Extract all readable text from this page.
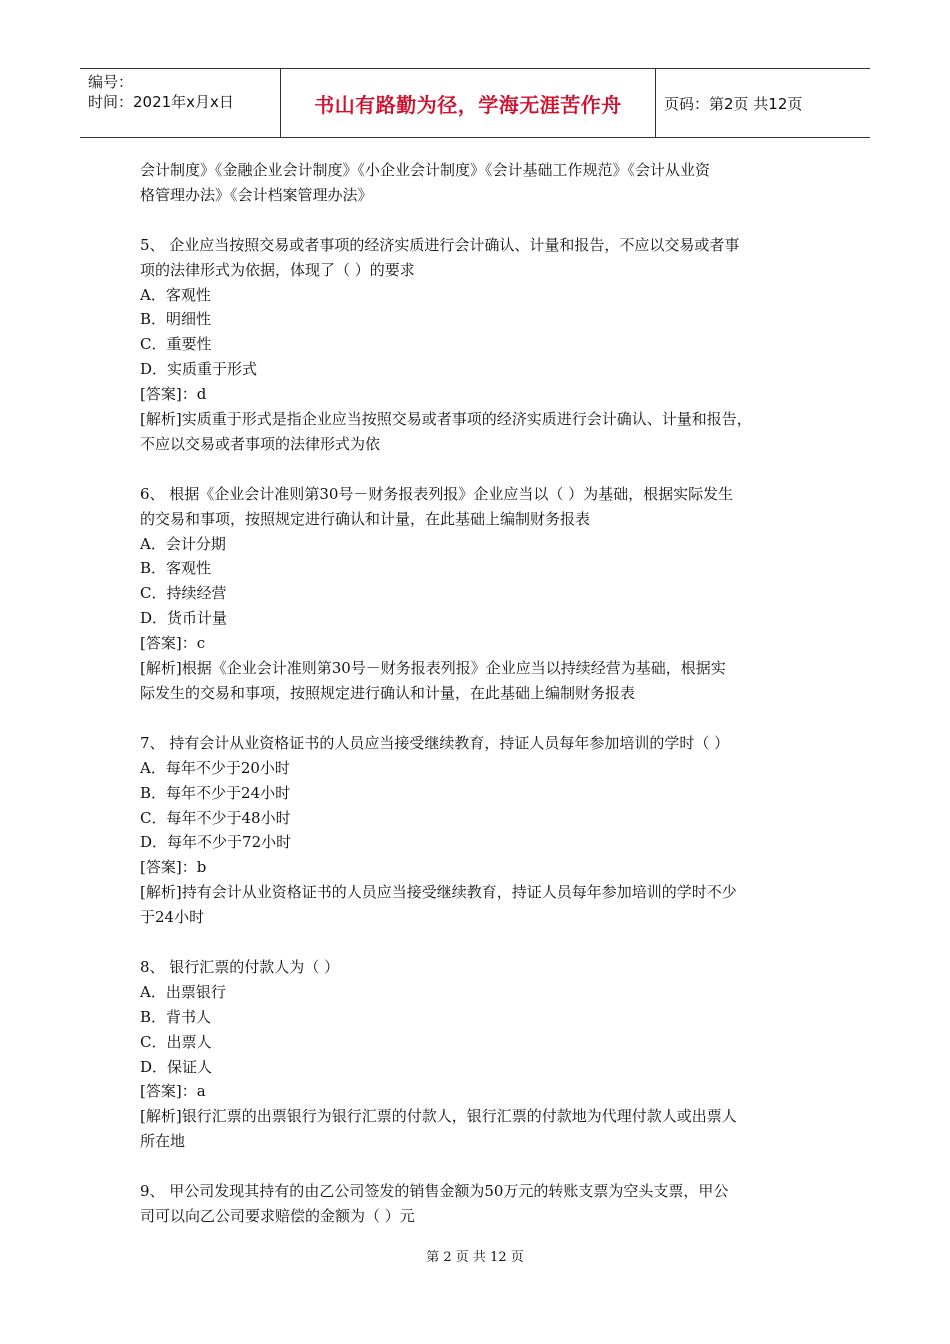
编号：
时间：2021年x月x日	书山有路勤为径，学海无涯苦作舟	页码：第2页 共12页

会计制度》《金融企业会计制度》《小企业会计制度》《会计基础工作规范》《会计从业资

格管理办法》《会计档案管理办法》

5、 企业应当按照交易或者事项的经济实质进行会计确认、计量和报告，不应以交易或者事

项的法律形式为依据，体现了（ ）的要求

A．客观性

B．明细性

C．重要性

D．实质重于形式

[答案]：d

[解析]实质重于形式是指企业应当按照交易或者事项的经济实质进行会计确认、计量和报告，

不应以交易或者事项的法律形式为依

6、 根据《企业会计准则第30号－财务报表列报》企业应当以（ ）为基础，根据实际发生

的交易和事项，按照规定进行确认和计量，在此基础上编制财务报表

A．会计分期

B．客观性

C．持续经营

D．货币计量

[答案]：c

[解析]根据《企业会计准则第30号－财务报表列报》企业应当以持续经营为基础，根据实

际发生的交易和事项，按照规定进行确认和计量，在此基础上编制财务报表

7、 持有会计从业资格证书的人员应当接受继续教育，持证人员每年参加培训的学时（ ）

A．每年不少于20小时

B．每年不少于24小时

C．每年不少于48小时

D．每年不少于72小时

[答案]：b

[解析]持有会计从业资格证书的人员应当接受继续教育，持证人员每年参加培训的学时不少

于24小时

8、 银行汇票的付款人为（ ）

A．出票银行

B．背书人

C．出票人

D．保证人

[答案]：a

[解析]银行汇票的出票银行为银行汇票的付款人，银行汇票的付款地为代理付款人或出票人

所在地

9、 甲公司发现其持有的由乙公司签发的销售金额为50万元的转账支票为空头支票，甲公

司可以向乙公司要求赔偿的金额为（ ）元

第 2 页 共 12 页
